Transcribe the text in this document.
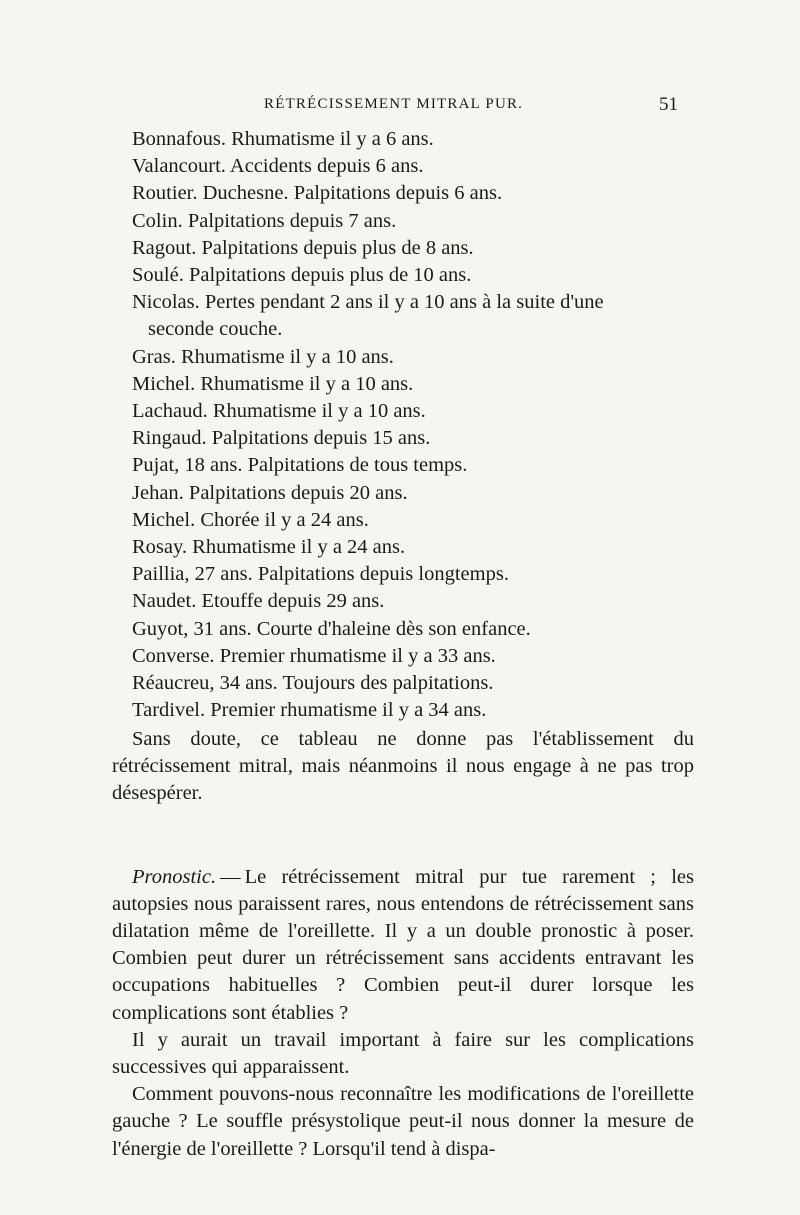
RÉTRÉCISSEMENT MITRAL PUR.	51
Bonnafous. Rhumatisme il y a 6 ans.
Valancourt. Accidents depuis 6 ans.
Routier. Duchesne. Palpitations depuis 6 ans.
Colin. Palpitations depuis 7 ans.
Ragout. Palpitations depuis plus de 8 ans.
Soulé. Palpitations depuis plus de 10 ans.
Nicolas. Pertes pendant 2 ans il y a 10 ans à la suite d'une
seconde couche.
Gras. Rhumatisme il y a 10 ans.
Michel. Rhumatisme il y a 10 ans.
Lachaud. Rhumatisme il y a 10 ans.
Ringaud. Palpitations depuis 15 ans.
Pujat, 18 ans. Palpitations de tous temps.
Jehan. Palpitations depuis 20 ans.
Michel. Chorée il y a 24 ans.
Rosay. Rhumatisme il y a 24 ans.
Paillia, 27 ans. Palpitations depuis longtemps.
Naudet. Etouffe depuis 29 ans.
Guyot, 31 ans. Courte d'haleine dès son enfance.
Converse. Premier rhumatisme il y a 33 ans.
Réaucreu, 34 ans. Toujours des palpitations.
Tardivel. Premier rhumatisme il y a 34 ans.

Sans doute, ce tableau ne donne pas l'établissement du rétrécissement mitral, mais néanmoins il nous engage à ne pas trop désespérer.

Pronostic. — Le rétrécissement mitral pur tue rarement ; les autopsies nous paraissent rares, nous entendons de rétrécissement sans dilatation même de l'oreillette. Il y a un double pronostic à poser. Combien peut durer un rétrécissement sans accidents entravant les occupations habituelles ? Combien peut-il durer lorsque les complications sont établies ?

Il y aurait un travail important à faire sur les complications successives qui apparaissent.

Comment pouvons-nous reconnaître les modifications de l'oreillette gauche ? Le souffle présystolique peut-il nous donner la mesure de l'énergie de l'oreillette ? Lorsqu'il tend à dispa-
